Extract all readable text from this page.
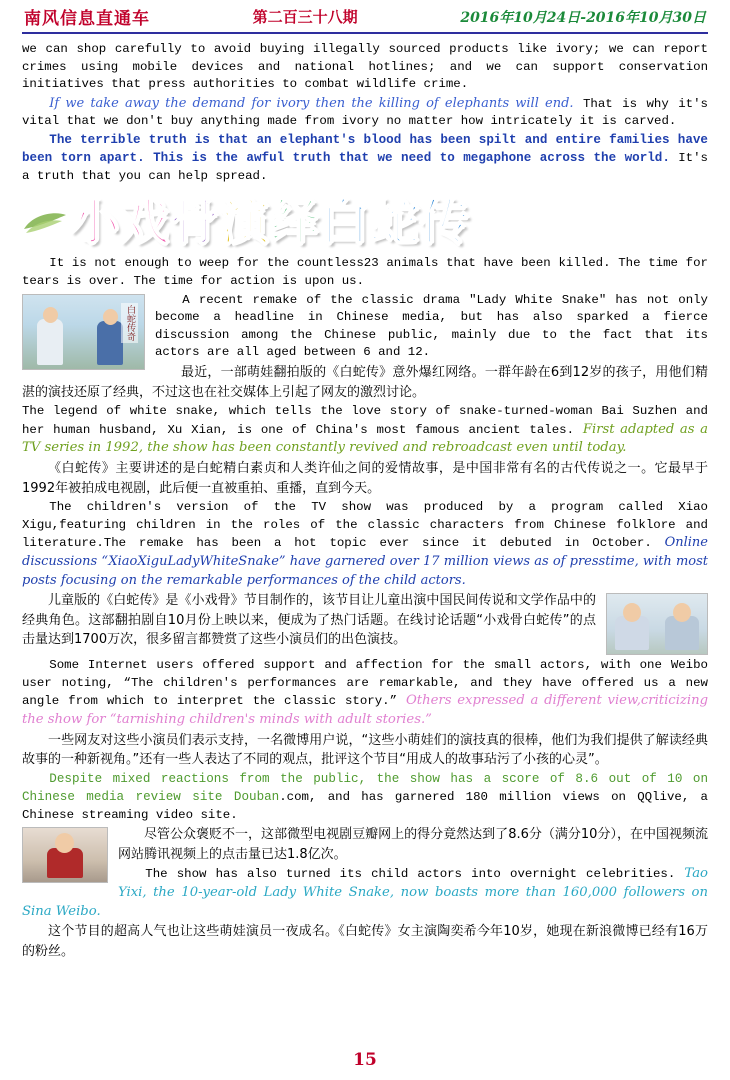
南风信息直通车	第二百三十八期	2016年10月24日-2016年10月30日

we can shop carefully to avoid buying illegally sourced products like ivory; we can report crimes using mobile devices and national hotlines; and we can support conservation initiatives that press authorities to combat wildlife crime.

If we take away the demand for ivory then the killing of elephants will end. That is why it's vital that we don't buy anything made from ivory no matter how intricately it is carved.

The terrible truth is that an elephant's blood has been spilt and entire families have been torn apart. This is the awful truth that we need to megaphone across the world. It's a truth that you can help spread.

小 戏 骨 演 绎 白 蛇 传

It is not enough to weep for the countless23 animals that have been killed. The time for tears is over. The time for action is upon us.

白蛇传奇

A recent remake of the classic drama "Lady White Snake" has not only become a headline in Chinese media, but has also sparked a fierce discussion among the Chinese public, mainly due to the fact that its actors are all aged between 6 and 12.

最近，一部萌娃翻拍版的《白蛇传》意外爆红网络。一群年龄在6到12岁的孩子，用他们精湛的演技还原了经典，不过这也在社交媒体上引起了网友的激烈讨论。

The legend of white snake, which tells the love story of snake-turned-woman Bai Suzhen and her human husband, Xu Xian, is one of China's most famous ancient tales. First adapted as a TV series in 1992, the show has been constantly revived and rebroadcast even until today.

《白蛇传》主要讲述的是白蛇精白素贞和人类许仙之间的爱情故事，是中国非常有名的古代传说之一。它最早于1992年被拍成电视剧，此后便一直被重拍、重播，直到今天。

The children's version of the TV show was produced by a program called Xiao Xigu,featuring children in the roles of the classic characters from Chinese folklore and literature.The remake has been a hot topic ever since it debuted in October. Online discussions “XiaoXiguLadyWhiteSnake” have garnered over 17 million views as of presstime, with most posts focusing on the remarkable performances of the child actors.

儿童版的《白蛇传》是《小戏骨》节目制作的，该节目让儿童出演中国民间传说和文学作品中的经典角色。这部翻拍剧自10月份上映以来，便成为了热门话题。在线讨论话题“小戏骨白蛇传”的点击量达到1700万次，很多留言都赞赏了这些小演员们的出色演技。

Some Internet users offered support and affection for the small actors, with one Weibo user noting, “The children's performances are remarkable, and they have offered us a new angle from which to interpret the classic story.” Others expressed a different view,criticizing the show for “tarnishing children's minds with adult stories.”

一些网友对这些小演员们表示支持，一名微博用户说，“这些小萌娃们的演技真的很棒，他们为我们提供了解读经典故事的一种新视角。”还有一些人表达了不同的观点，批评这个节目“用成人的故事玷污了小孩的心灵”。

Despite mixed reactions from the public, the show has a score of 8.6 out of 10 on Chinese media review site Douban.com, and has garnered 180 million views on QQlive, a Chinese streaming video site.

尽管公众褒贬不一，这部微型电视剧豆瓣网上的得分竟然达到了8.6分（满分10分），在中国视频流网站腾讯视频上的点击量已达1.8亿次。

The show has also turned its child actors into overnight celebrities. Tao Yixi, the 10-year-old Lady White Snake, now boasts more than 160,000 followers on Sina Weibo.

这个节目的超高人气也让这些萌娃演员一夜成名。《白蛇传》女主演陶奕希今年10岁，她现在新浪微博已经有16万的粉丝。

15
